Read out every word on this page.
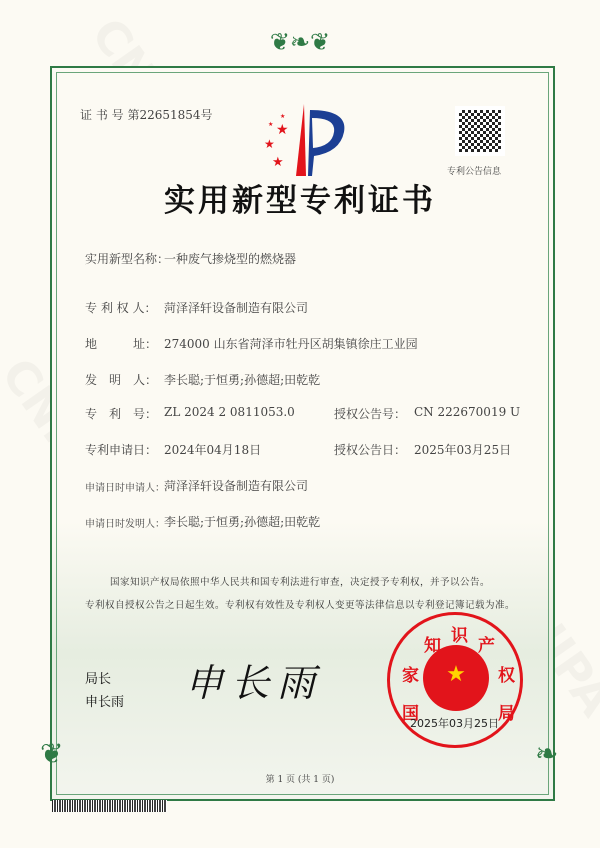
❦❧❦
❦	❧
证 书 号 第22651854号
★
★
★
★
★
专利公告信息
实用新型专利证书
实用新型名称：
一种废气掺烧型的燃烧器
专 利 权 人： 菏泽泽轩设备制造有限公司
地　　　址： 274000 山东省菏泽市牡丹区胡集镇徐庄工业园
发　明　人： 李长聪;于恒勇;孙德超;田乾乾
专　利　号： ZL 2024 2 0811053.0	授权公告号： CN 222670019 U
专利申请日： 2024年04月18日	授权公告日： 2025年03月25日
申请日时申请人： 菏泽泽轩设备制造有限公司
申请日时发明人： 李长聪;于恒勇;孙德超;田乾乾
国家知识产权局依照中华人民共和国专利法进行审查，决定授予专利权，并予以公告。
专利权自授权公告之日起生效。专利权有效性及专利权人变更等法律信息以专利登记簿记载为准。
局长
申长雨 申长雨	★
国
家
知 识 产
权
局
2025年03月25日
第 1 页 (共 1 页)
